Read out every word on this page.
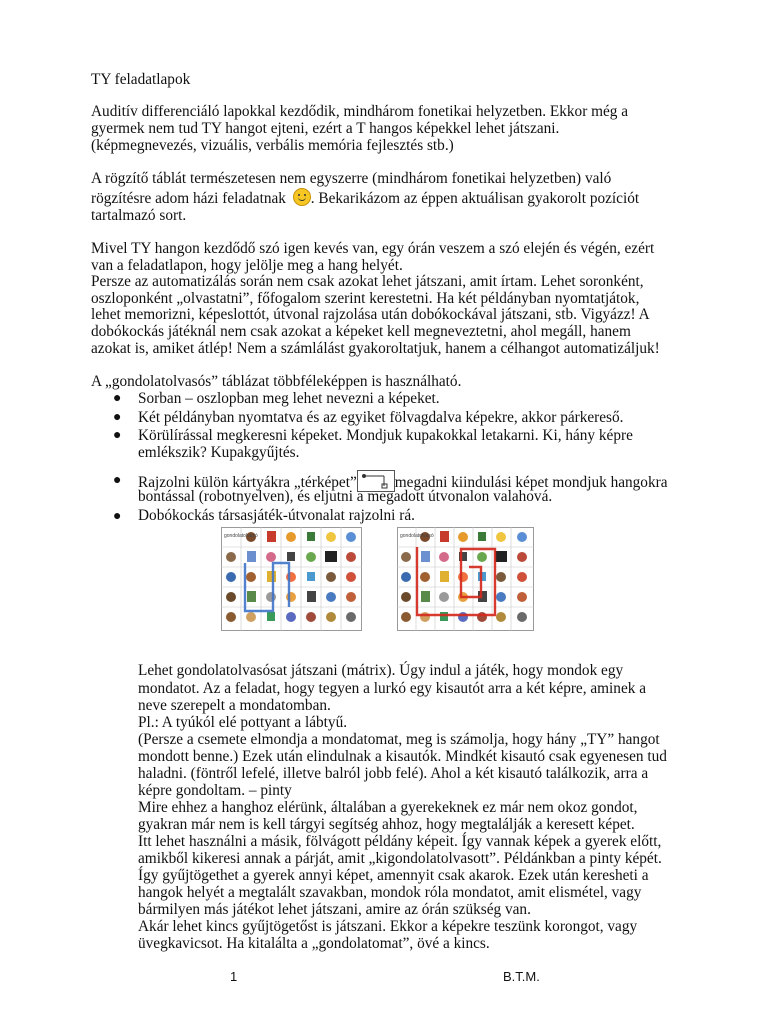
TY feladatlapok
Auditív differenciáló lapokkal kezdődik, mindhárom fonetikai helyzetben. Ekkor még a
gyermek nem tud TY hangot ejteni, ezért a T hangos képekkel lehet játszani.
(képmegnevezés, vizuális, verbális memória fejlesztés stb.)
A rögzítő táblát természetesen nem egyszerre (mindhárom fonetikai helyzetben) való
rögzítésre adom házi feladatnak . Bekarikázom az éppen aktuálisan gyakorolt pozíciót
tartalmazó sort.
Mivel TY hangon kezdődő szó igen kevés van, egy órán veszem a szó elején és végén, ezért
van a feladatlapon, hogy jelölje meg a hang helyét.
Persze az automatizálás során nem csak azokat lehet játszani, amit írtam. Lehet soronként,
oszloponként „olvastatni”, főfogalom szerint kerestetni. Ha két példányban nyomtatjátok,
lehet memorizni, képeslottót, útvonal rajzolása után dobókockával játszani, stb. Vigyázz! A
dobókockás játéknál nem csak azokat a képeket kell megneveztetni, ahol megáll, hanem
azokat is, amiket átlép! Nem a számlálást gyakoroltatjuk, hanem a célhangot automatizáljuk!
A „gondolatolvasós” táblázat többféleképpen is használható.
● Sorban – oszlopban meg lehet nevezni a képeket.
● Két példányban nyomtatva és az egyiket fölvagdalva képekre, akkor párkereső.
● Körülírással megkeresni képeket. Mondjuk kupakokkal letakarni. Ki, hány képre
emlékszik? Kupakgyűjtés.
● Rajzolni külön kártyákra „térképet” megadni kiindulási képet mondjuk hangokra
bontással (robotnyelven), és eljutni a megadott útvonalon valahová.
● Dobókockás társasjáték-útvonalat rajzolni rá.
gondolatolvasó	gondolatolvasó
Lehet gondolatolvasósat játszani (mátrix). Úgy indul a játék, hogy mondok egy
mondatot. Az a feladat, hogy tegyen a lurkó egy kisautót arra a két képre, aminek a
neve szerepelt a mondatomban.
Pl.: A tyúkól elé pottyant a lábtyű.
(Persze a csemete elmondja a mondatomat, meg is számolja, hogy hány „TY” hangot
mondott benne.) Ezek után elindulnak a kisautók. Mindkét kisautó csak egyenesen tud
haladni. (föntről lefelé, illetve balról jobb felé). Ahol a két kisautó találkozik, arra a
képre gondoltam. – pinty
Mire ehhez a hanghoz elérünk, általában a gyerekeknek ez már nem okoz gondot,
gyakran már nem is kell tárgyi segítség ahhoz, hogy megtalálják a keresett képet.
Itt lehet használni a másik, fölvágott példány képeit. Így vannak képek a gyerek előtt,
amikből kikeresi annak a párját, amit „kigondolatolvasott”. Példánkban a pinty képét.
Így gyűjtögethet a gyerek annyi képet, amennyit csak akarok. Ezek után keresheti a
hangok helyét a megtalált szavakban, mondok róla mondatot, amit elismétel, vagy
bármilyen más játékot lehet játszani, amire az órán szükség van.
Akár lehet kincs gyűjtögetőst is játszani. Ekkor a képekre teszünk korongot, vagy
üvegkavicsot. Ha kitalálta a „gondolatomat”, övé a kincs.
1	B.T.M.
